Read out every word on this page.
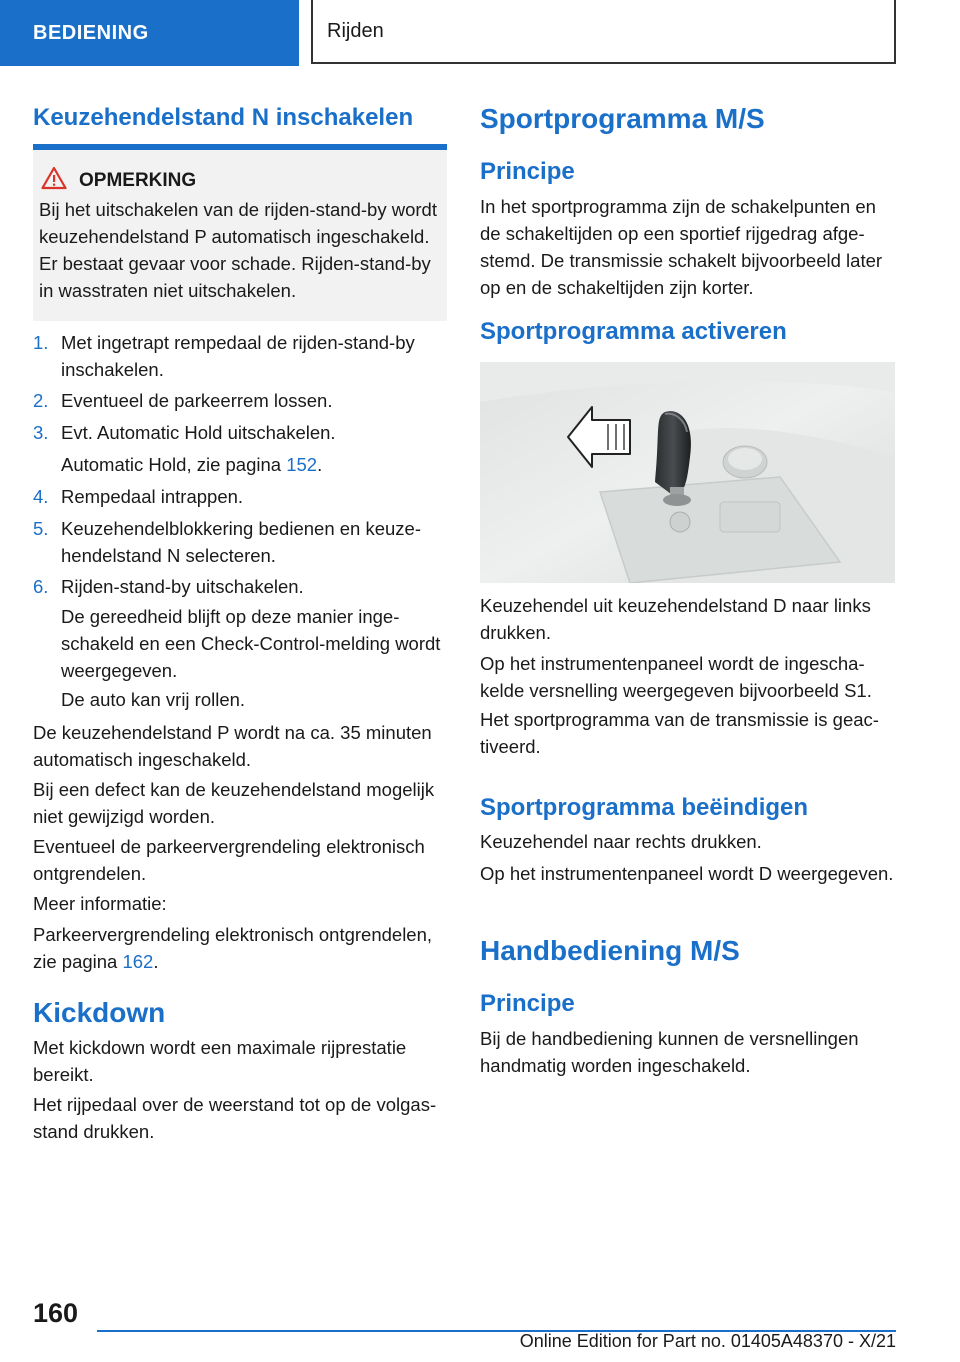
BEDIENING	Rijden
Keuzehendelstand N inschakelen
OPMERKING
Bij het uitschakelen van de rijden-stand-by wordt keuzehendelstand P automatisch ingeschakeld. Er bestaat gevaar voor schade. Rijden-stand-by in wasstraten niet uitschakelen.
1. Met ingetrapt rempedaal de rijden-stand-by inschakelen.
2. Eventueel de parkeerrem lossen.
3. Evt. Automatic Hold uitschakelen.
Automatic Hold, zie pagina 152.
4. Rempedaal intrappen.
5. Keuzehendelblokkering bedienen en keuzehendelstand N selecteren.
6. Rijden-stand-by uitschakelen.
De gereedheid blijft op deze manier ingeschakeld en een Check-Control-melding wordt weergegeven.
De auto kan vrij rollen.

De keuzehendelstand P wordt na ca. 35 minuten automatisch ingeschakeld.

Bij een defect kan de keuzehendelstand mogelijk niet gewijzigd worden.

Eventueel de parkeervergrendeling elektronisch ontgrendelen.

Meer informatie:

Parkeervergrendeling elektronisch ontgrendelen, zie pagina 162.

Kickdown

Met kickdown wordt een maximale rijprestatie bereikt.

Het rijpedaal over de weerstand tot op de volgasstand drukken.

Sportprogramma M/S
Principe

In het sportprogramma zijn de schakelpunten en de schakeltijden op een sportief rijgedrag afgestemd. De transmissie schakelt bijvoorbeeld later op en de schakeltijden zijn korter.

Sportprogramma activeren

Keuzehendel uit keuzehendelstand D naar links drukken.

Op het instrumentenpaneel wordt de ingeschakelde versnelling weergegeven bijvoorbeeld S1.

Het sportprogramma van de transmissie is geactiveerd.

Sportprogramma beëindigen

Keuzehendel naar rechts drukken.

Op het instrumentenpaneel wordt D weergegeven.

Handbediening M/S
Principe

Bij de handbediening kunnen de versnellingen handmatig worden ingeschakeld.

160
Online Edition for Part no. 01405A48370 - X/21
